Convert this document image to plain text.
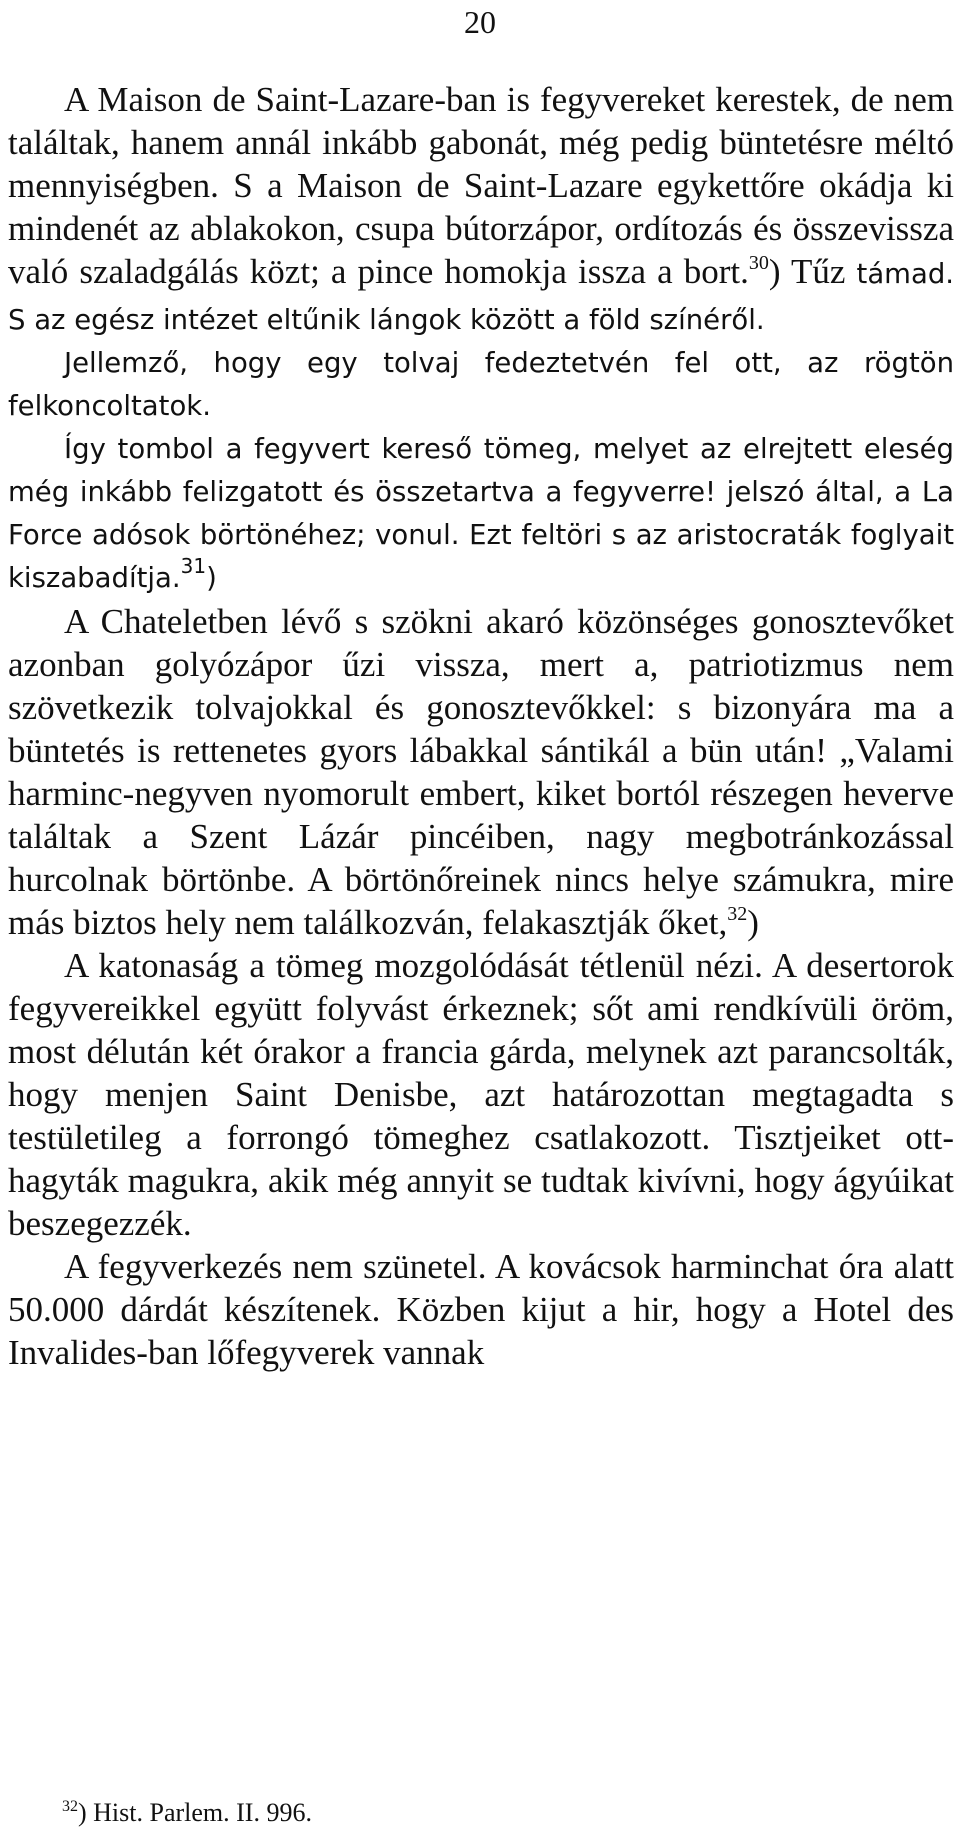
20

A Maison de Saint-Lazare-ban is fegyvereket kerestek, de nem találtak, hanem annál inkább gabonát, még pedig büntetésre méltó mennyiségben. S a Maison de Saint-Lazare egykettőre okádja ki mindenét az ablakokon, csupa bútorzápor, ordítozás és összevissza való szaladgálás közt; a pince homokja issza a bort.$^{30}$) Tűz támad. S az egész intézet eltűnik lángok között a föld színéről.

Jellemző, hogy egy tolvaj fedeztetvén fel ott, az rögtön felkoncoltatok.

Így tombol a fegyvert kereső tömeg, melyet az elrejtett eleség még inkább felizgatott és összetartva a fegyverre! jelszó által, a La Force adósok börtönéhez; vonul. Ezt feltöri s az aristocraták foglyait kiszabadítja.$^{31}$)

A Chateletben lévő s szökni akaró közönséges gonosztevőket azonban golyózápor űzi vissza, mert a, patriotizmus nem szövetkezik tolvajokkal és gonosztevőkkel: s bizonyára ma a büntetés is rettenetes gyors lábakkal sántikál a bün után! „Valami harminc-negyven nyomorult embert, kiket bortól részegen heverve találtak a Szent Lázár pincéiben, nagy megbotránkozással hurcolnak börtönbe. A börtönőreinek nincs helye számukra, mire más biztos hely nem találkozván, felakasztják őket,$^{32}$)

A katonaság a tömeg mozgolódását tétlenül nézi. A desertorok fegyvereikkel együtt folyvást érkeznek; sőt ami rendkívüli öröm, most délután két órakor a francia gárda, melynek azt parancsolták, hogy menjen Saint Denisbe, azt határozottan megtagadta s testületileg a forrongó tömeghez csatlakozott. Tisztjeiket otthagyták magukra, akik még annyit se tudtak kivívni, hogy ágyúikat beszegezzék.

A fegyverkezés nem szünetel. A kovácsok harminchat óra alatt 50.000 dárdát készítenek. Közben kijut a hir, hogy a Hotel des Invalides-ban lőfegyverek vannak

$^{32}$) Hist. Parlem. II. 996.
